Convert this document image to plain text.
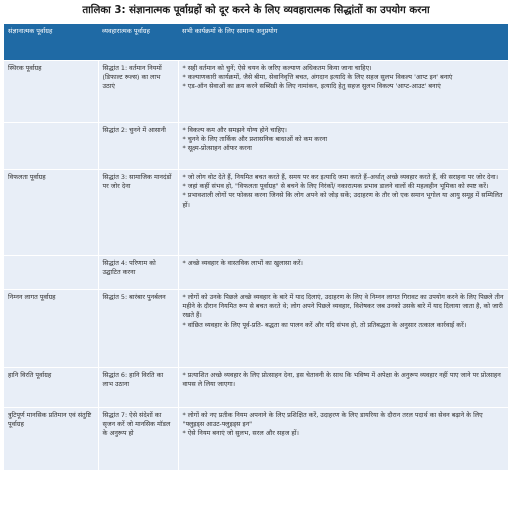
तालिका 3: संज्ञानात्मक पूर्वाग्रहों को दूर करने के लिए व्यवहारात्मक सिद्धांतों का उपयोग करना
संज्ञानात्मक पूर्वाग्रह	व्यवहारात्मक पूर्वाग्रह	सभी कार्यक्रमों के लिए सामान्य अनुप्रयोग
स्थिरक पूर्वाग्रह	सिद्धांत 1: वर्तमान नियमों (डिफाल्ट रूल्स) का लाभ उठाएं	* सही वर्तमान को चुनें; ऐसे चयन के जरिए कल्याण अधिकतम किया जाना चाहिए।
* कल्याणकारी कार्यक्रमों, जैसे बीमा, सेवानिवृत्ति बचत, अंगदान इत्यादि के लिए सहज सुलभ विकल्प 'आप्ट इन' बनाएं
* एड-ऑन सेवाओं का क्रय करने सब्सिडी के लिए नामांकन, इत्यादि हेतु सहज सुलभ विकल्प 'आप्ट-आउट' बनाएं

	सिद्धांत 2: चुनने में आसानी	* विकल्प कम और समझने योग्य होने चाहिए।
* चुनने के लिए तार्किक और प्रशासनिक बाधाओं को कम करना
* सूक्ष्म-प्रोत्साहन ऑफर करना

विफलता पूर्वाग्रह	सिद्धांत 3: सामाजिक मानदंडों पर जोर देना	* जो लोग वोट देते हैं, नियमित बचत करते हैं, समय पर कर इत्यादि जमा करते हैं–अर्थात् अच्छे व्यवहार करते हैं, की सराहना पर जोर देना।
* जहां कहीं संभव हो, "विफलता पूर्वाग्रह" से बचने के लिए निरंकों/ नकारात्मक प्रभाव डालने वालों की महत्वहीन भूमिका को स्पष्ट करें।
* प्रभावशाली लोगों पर फोकस करना जिनसे कि लोग अपने को जोड़ सकें; उदाहरण के तौर जो एक समान भूगोल या आयु समूह में सम्मिलित हों।

	सिद्धांत 4: परिणाम को उद्घाटित करना	* अच्छे व्यवहार के वास्तविक लाभों का खुलासा करें।

निम्नन लागत पूर्वाग्रह	सिद्धांत 5: बारंबार पुनर्बलन	* लोगों को उनके पिछले अच्छे व्यवहार के बारे में याद दिलाएं, उदाहरण के लिए वे निम्नन लागत गिरावट का उपयोग करने के लिए पिछले तीन महीने के दौरान नियमित रूप से बचत करते थे; लोग अपने पिछले व्यवहार, विशेषकर जब उनको उसके बारे में याद दिलाया जाता है, को जारी रखते हैं।
* वांछित व्यवहार के लिए पूर्व-प्रति- बद्धता का पालन करें और यदि संभव हो, तो प्रतिबद्धता के अनुसार तत्काल कार्रवाई करें।

हानि विरति पूर्वाग्रह	सिद्धांत 6: हानि विरति का लाभ उठाना	* प्रत्याशित अच्छे व्यवहार के लिए प्रोत्साहन देना, इस चेतावनी के साथ कि भविष्य में अपेक्षा के अनुरूप व्यवहार नहीं पाए जाने पर प्रोत्साहन वापस ले लिया जाएगा।

त्रुटिपूर्ण मानसिक प्रतिमान एवं संतुष्टि पूर्वाग्रह	सिद्धांत 7: ऐसे संदेशों का सृजन करें जो मानसिक मॉडल के अनुरूप हो	* लोगों को नए प्रतीक नियम अपनाने के लिए प्रशिक्षित करें, उदाहरण के लिए डायरिया के दौरान तरल पदार्थ का सेवन बढ़ाने के लिए "फ्लुइड्स आउट-फ्लुइड्स इन"
* ऐसे नियम बनाएं जो सुलभ, सरल और सहज हों।
